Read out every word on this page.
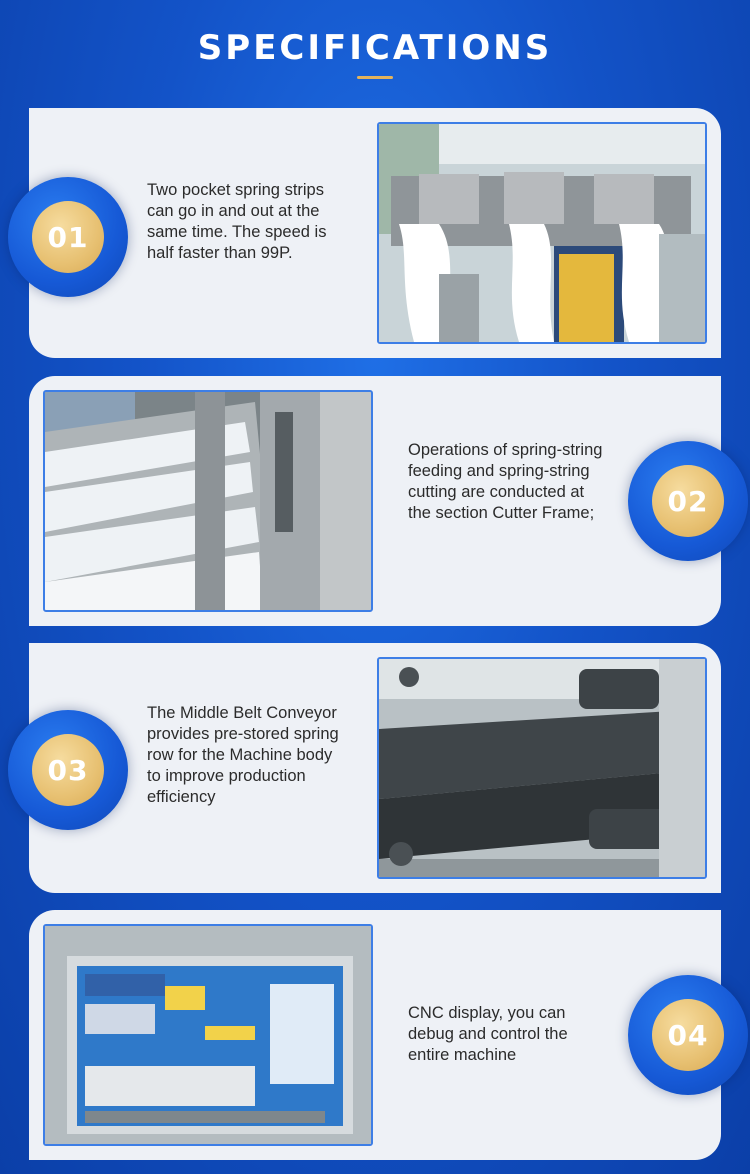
SPECIFICATIONS
Two pocket spring strips can go in and out at the same time. The speed is half faster than 99P.
01
Operations of spring-string feeding and spring-string cutting are conducted at the section Cutter Frame;	02
The Middle Belt Conveyor provides pre-stored spring row for the Machine body to improve production efficiency
03
CNC display, you can debug and control the entire machine
04
